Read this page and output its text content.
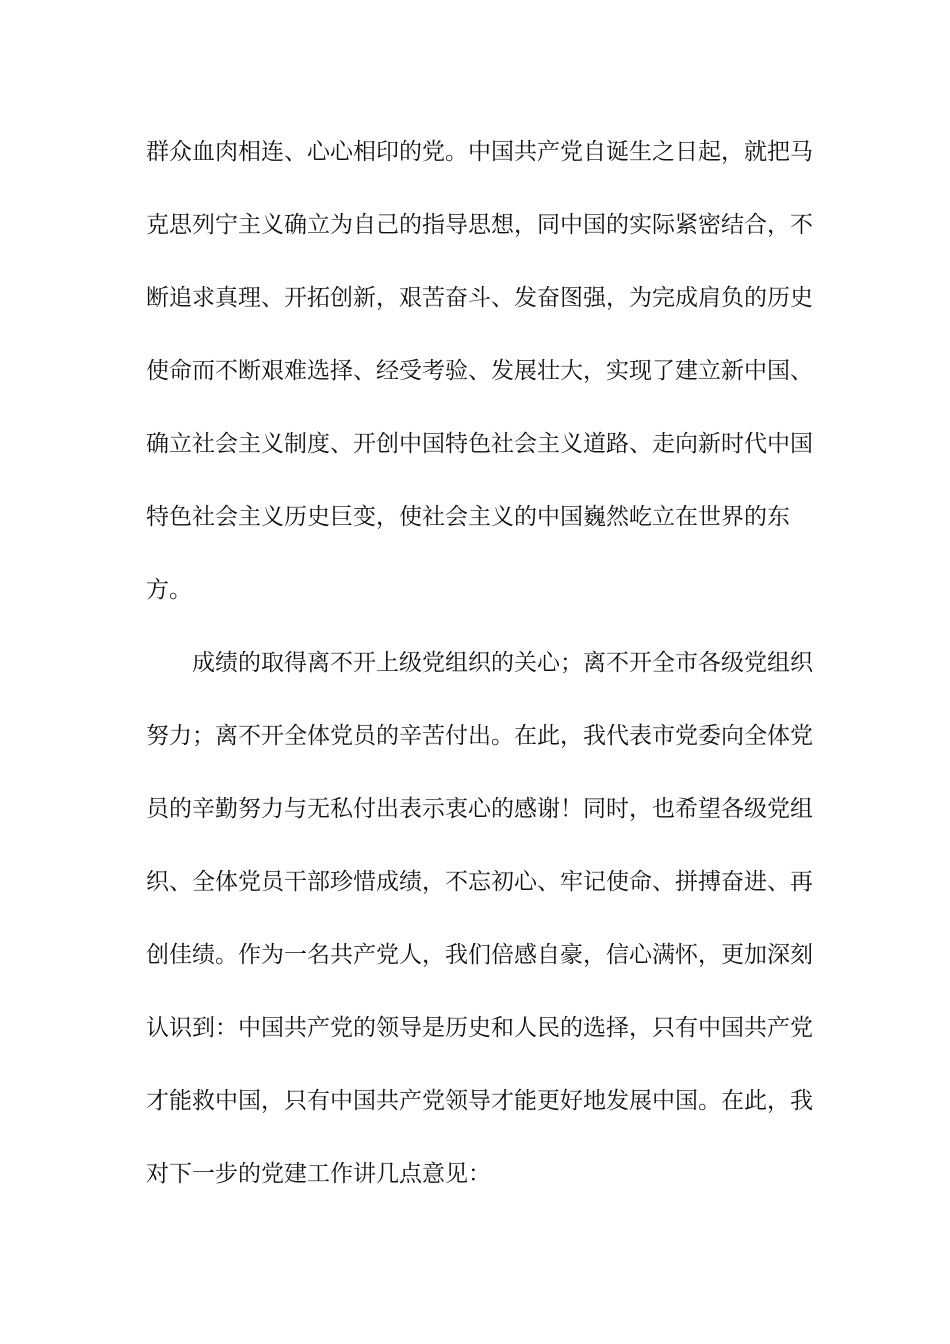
群众血肉相连、心心相印的党。中国共产党自诞生之日起，就把马
克思列宁主义确立为自己的指导思想，同中国的实际紧密结合，不
断追求真理、开拓创新，艰苦奋斗、发奋图强，为完成肩负的历史
使命而不断艰难选择、经受考验、发展壮大，实现了建立新中国、
确立社会主义制度、开创中国特色社会主义道路、走向新时代中国
特色社会主义历史巨变，使社会主义的中国巍然屹立在世界的东
方。
　　成绩的取得离不开上级党组织的关心；离不开全市各级党组织
努力；离不开全体党员的辛苦付出。在此，我代表市党委向全体党
员的辛勤努力与无私付出表示衷心的感谢！同时，也希望各级党组
织、全体党员干部珍惜成绩，不忘初心、牢记使命、拼搏奋进、再
创佳绩。作为一名共产党人，我们倍感自豪，信心满怀，更加深刻
认识到：中国共产党的领导是历史和人民的选择，只有中国共产党
才能救中国，只有中国共产党领导才能更好地发展中国。在此，我
对下一步的党建工作讲几点意见：
